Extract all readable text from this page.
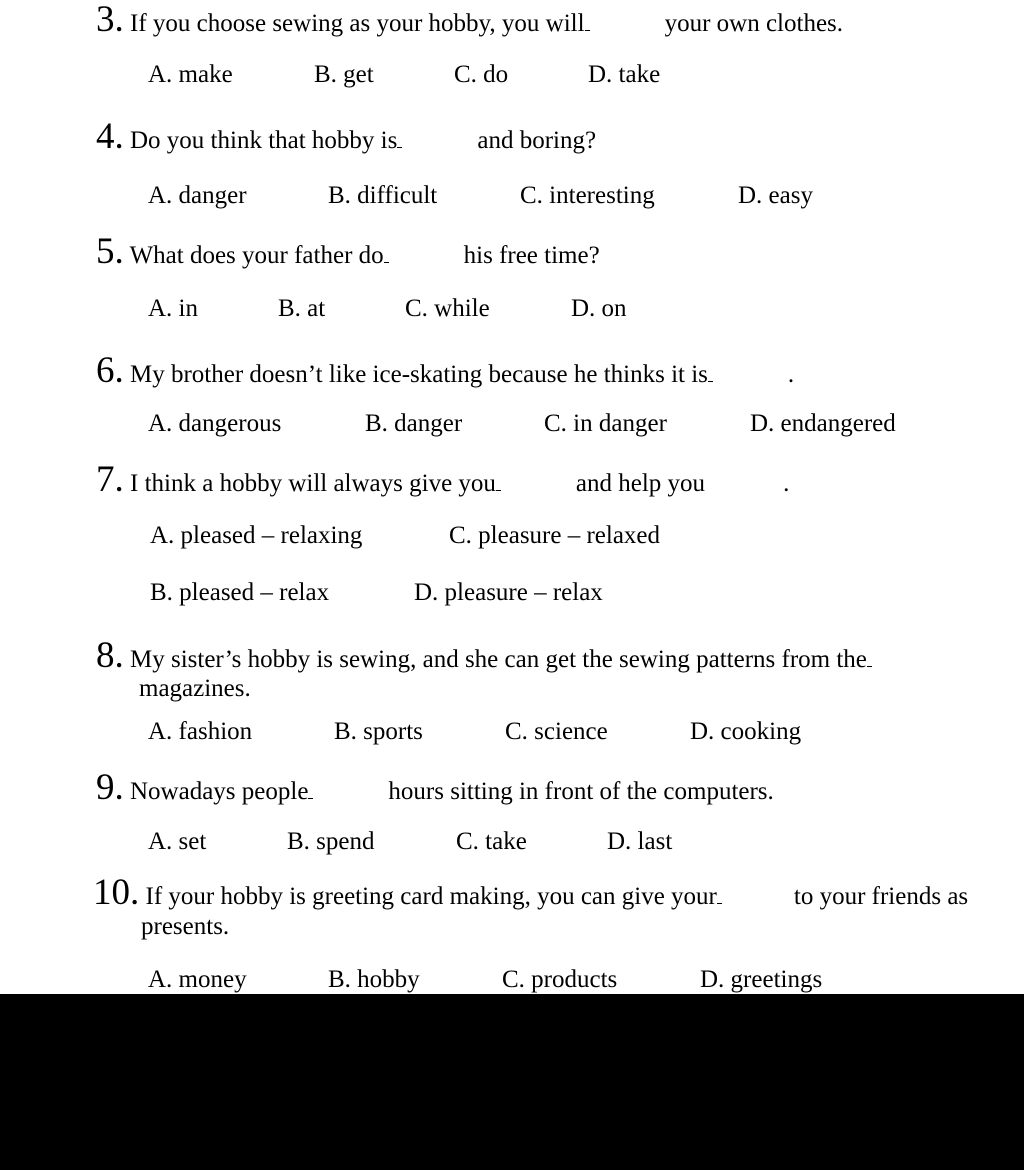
3. If you choose sewing as your hobby, you will	your own clothes.
A. make	B. get	C. do	D. take
4. Do you think that hobby is	and boring?
A. danger	B. difficult	C. interesting	D. easy
5. What does your father do	his free time?
A. in	B. at	C. while	D. on
6. My brother doesn’t like ice-skating because he thinks it is	.
A. dangerous	B. danger	C. in danger	D. endangered
7. I think a hobby will always give you	and help you	.
A. pleased – relaxing	C. pleasure – relaxed
B. pleased – relax	D. pleasure – relax
8. My sister’s hobby is sewing, and she can get the sewing patterns from the
magazines.
A. fashion	B. sports	C. science	D. cooking
9. Nowadays people	hours sitting in front of the computers.
A. set	B. spend	C. take	D. last
10. If your hobby is greeting card making, you can give your	to your friends as
presents.
A. money	B. hobby	C. products	D. greetings
